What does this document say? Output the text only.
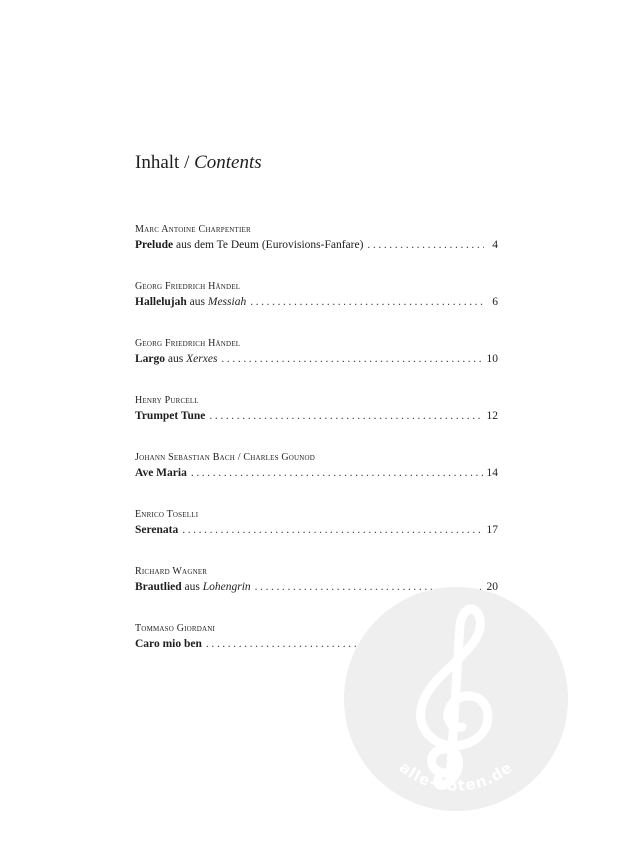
Inhalt / Contents
Marc Antoine Charpentier
Prelude aus dem Te Deum (Eurovisions-Fanfare) .....	4
Georg Friedrich Händel
Hallelujah aus Messiah .....	6
Georg Friedrich Händel
Largo aus Xerxes .....	10
Henry Purcell
Trumpet Tune .....	12
Johann Sebastian Bach / Charles Gounod
Ave Maria .....	14
Enrico Toselli
Serenata .....	17
Richard Wagner
Brautlied aus Lohengrin .....	20
Tommaso Giordani
Caro mio ben
.....
alle-noten.de
